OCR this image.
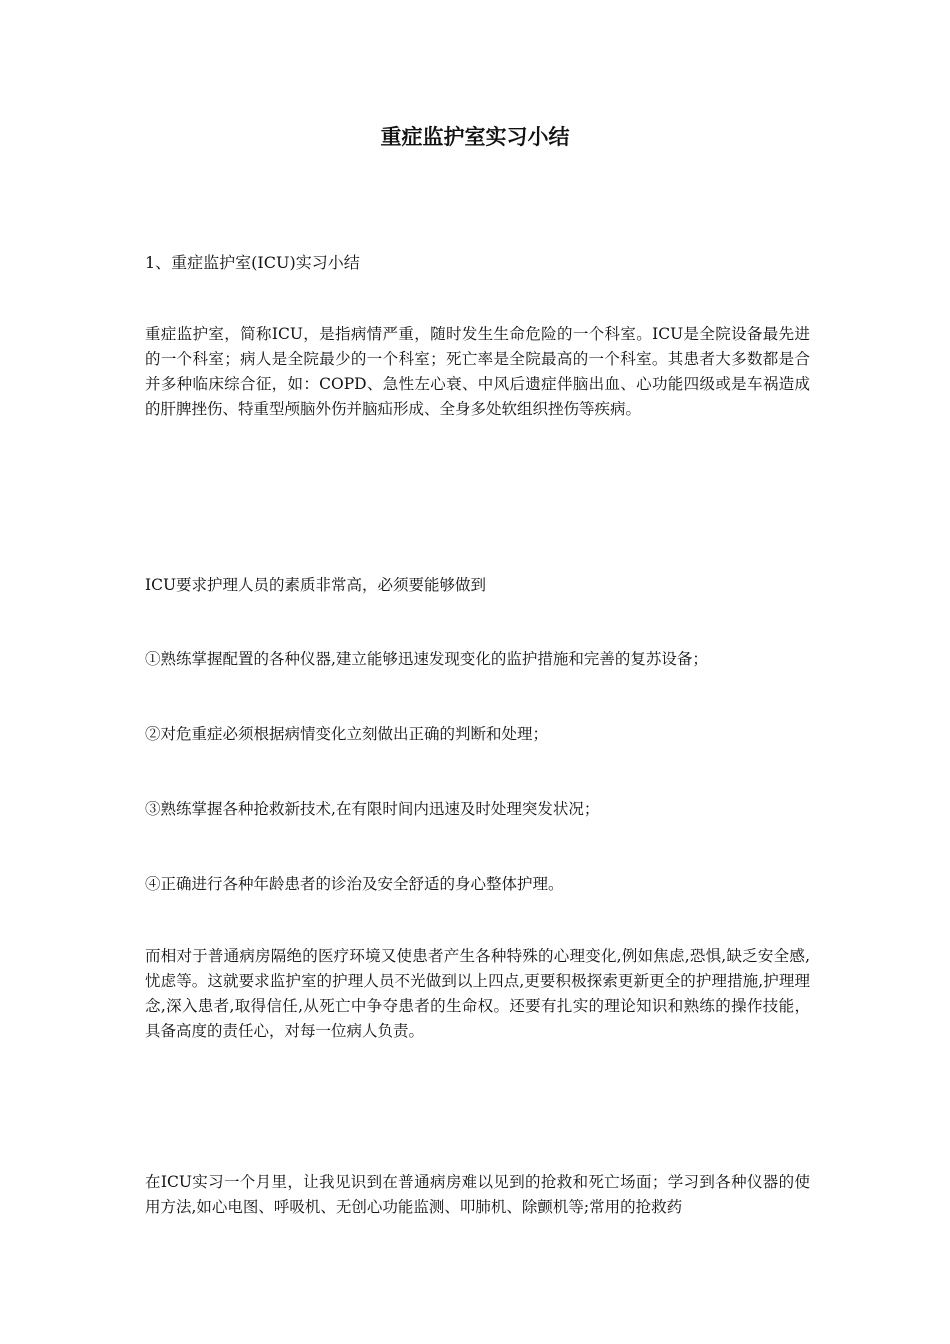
重症监护室实习小结

1、重症监护室(ICU)实习小结

重症监护室，简称ICU，是指病情严重，随时发生生命危险的一个科室。ICU是全院设备最先进的一个科室；病人是全院最少的一个科室；死亡率是全院最高的一个科室。其患者大多数都是合并多种临床综合征，如：COPD、急性左心衰、中风后遗症伴脑出血、心功能四级或是车祸造成的肝脾挫伤、特重型颅脑外伤并脑疝形成、全身多处软组织挫伤等疾病。

ICU要求护理人员的素质非常高，必须要能够做到

①熟练掌握配置的各种仪器,建立能够迅速发现变化的监护措施和完善的复苏设备；

②对危重症必须根据病情变化立刻做出正确的判断和处理；

③熟练掌握各种抢救新技术,在有限时间内迅速及时处理突发状况；

④正确进行各种年龄患者的诊治及安全舒适的身心整体护理。

而相对于普通病房隔绝的医疗环境又使患者产生各种特殊的心理变化,例如焦虑,恐惧,缺乏安全感,忧虑等。这就要求监护室的护理人员不光做到以上四点,更要积极探索更新更全的护理措施,护理理念,深入患者,取得信任,从死亡中争夺患者的生命权。还要有扎实的理论知识和熟练的操作技能，具备高度的责任心，对每一位病人负责。

在ICU实习一个月里，让我见识到在普通病房难以见到的抢救和死亡场面；学习到各种仪器的使用方法,如心电图、呼吸机、无创心功能监测、叩肺机、除颤机等;常用的抢救药
